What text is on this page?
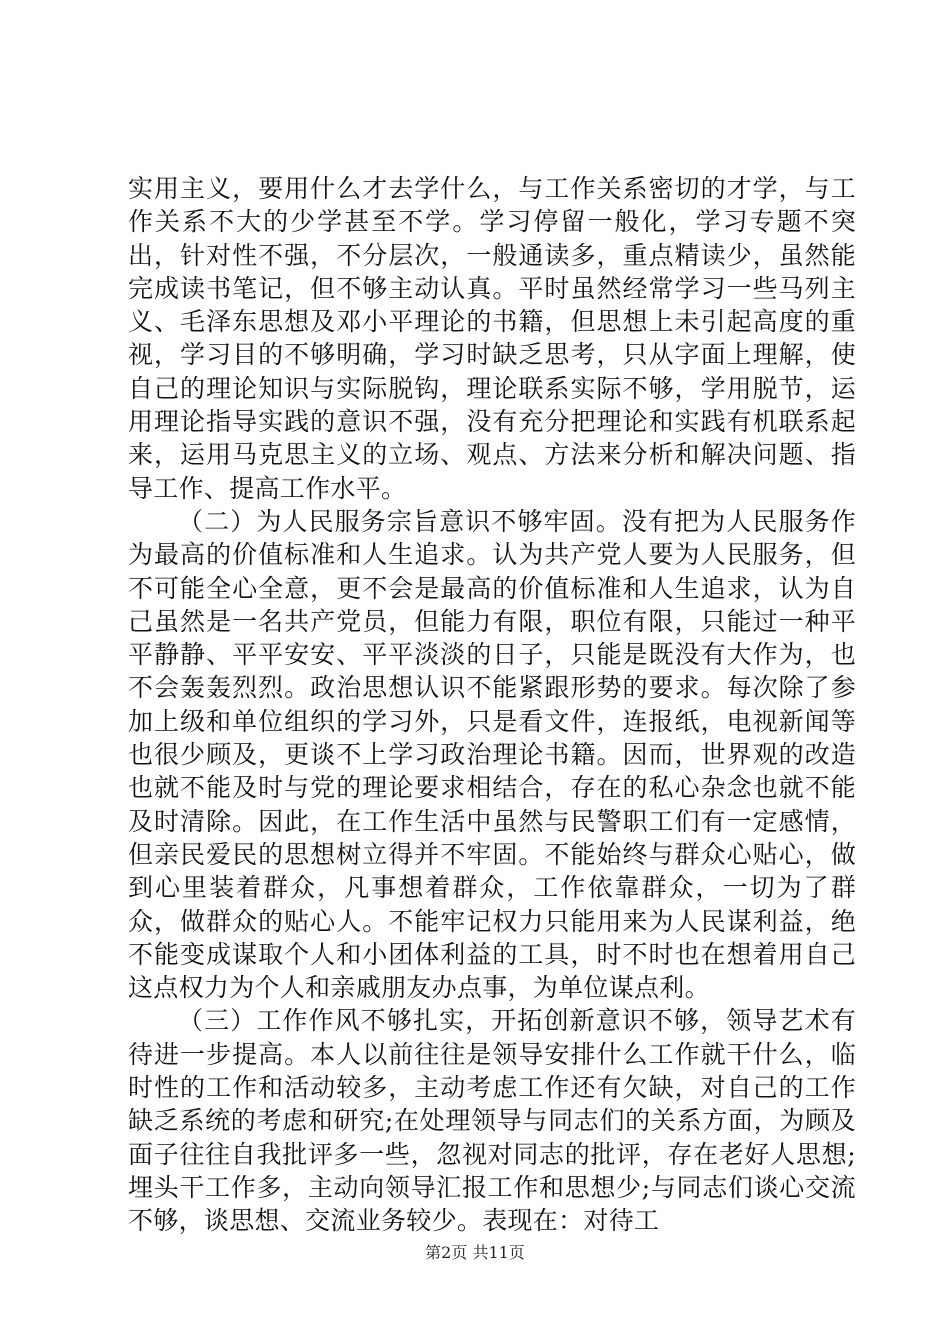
实用主义，要用什么才去学什么，与工作关系密切的才学，与工作关系不大的少学甚至不学。学习停留一般化，学习专题不突出，针对性不强，不分层次，一般通读多，重点精读少，虽然能完成读书笔记，但不够主动认真。平时虽然经常学习一些马列主义、毛泽东思想及邓小平理论的书籍，但思想上未引起高度的重视，学习目的不够明确，学习时缺乏思考，只从字面上理解，使自己的理论知识与实际脱钩，理论联系实际不够，学用脱节，运用理论指导实践的意识不强，没有充分把理论和实践有机联系起来，运用马克思主义的立场、观点、方法来分析和解决问题、指导工作、提高工作水平。

（二）为人民服务宗旨意识不够牢固。没有把为人民服务作为最高的价值标准和人生追求。认为共产党人要为人民服务，但不可能全心全意，更不会是最高的价值标准和人生追求，认为自己虽然是一名共产党员，但能力有限，职位有限，只能过一种平平静静、平平安安、平平淡淡的日子，只能是既没有大作为，也不会轰轰烈烈。政治思想认识不能紧跟形势的要求。每次除了参加上级和单位组织的学习外，只是看文件，连报纸，电视新闻等也很少顾及，更谈不上学习政治理论书籍。因而，世界观的改造也就不能及时与党的理论要求相结合，存在的私心杂念也就不能及时清除。因此，在工作生活中虽然与民警职工们有一定感情，但亲民爱民的思想树立得并不牢固。不能始终与群众心贴心，做到心里装着群众，凡事想着群众，工作依靠群众，一切为了群众，做群众的贴心人。不能牢记权力只能用来为人民谋利益，绝不能变成谋取个人和小团体利益的工具，时不时也在想着用自己这点权力为个人和亲戚朋友办点事，为单位谋点利。

（三）工作作风不够扎实，开拓创新意识不够，领导艺术有待进一步提高。本人以前往往是领导安排什么工作就干什么，临时性的工作和活动较多，主动考虑工作还有欠缺，对自己的工作缺乏系统的考虑和研究;在处理领导与同志们的关系方面，为顾及面子往往自我批评多一些，忽视对同志的批评，存在老好人思想;埋头干工作多，主动向领导汇报工作和思想少;与同志们谈心交流不够，谈思想、交流业务较少。表现在：对待工

第2页 共11页
